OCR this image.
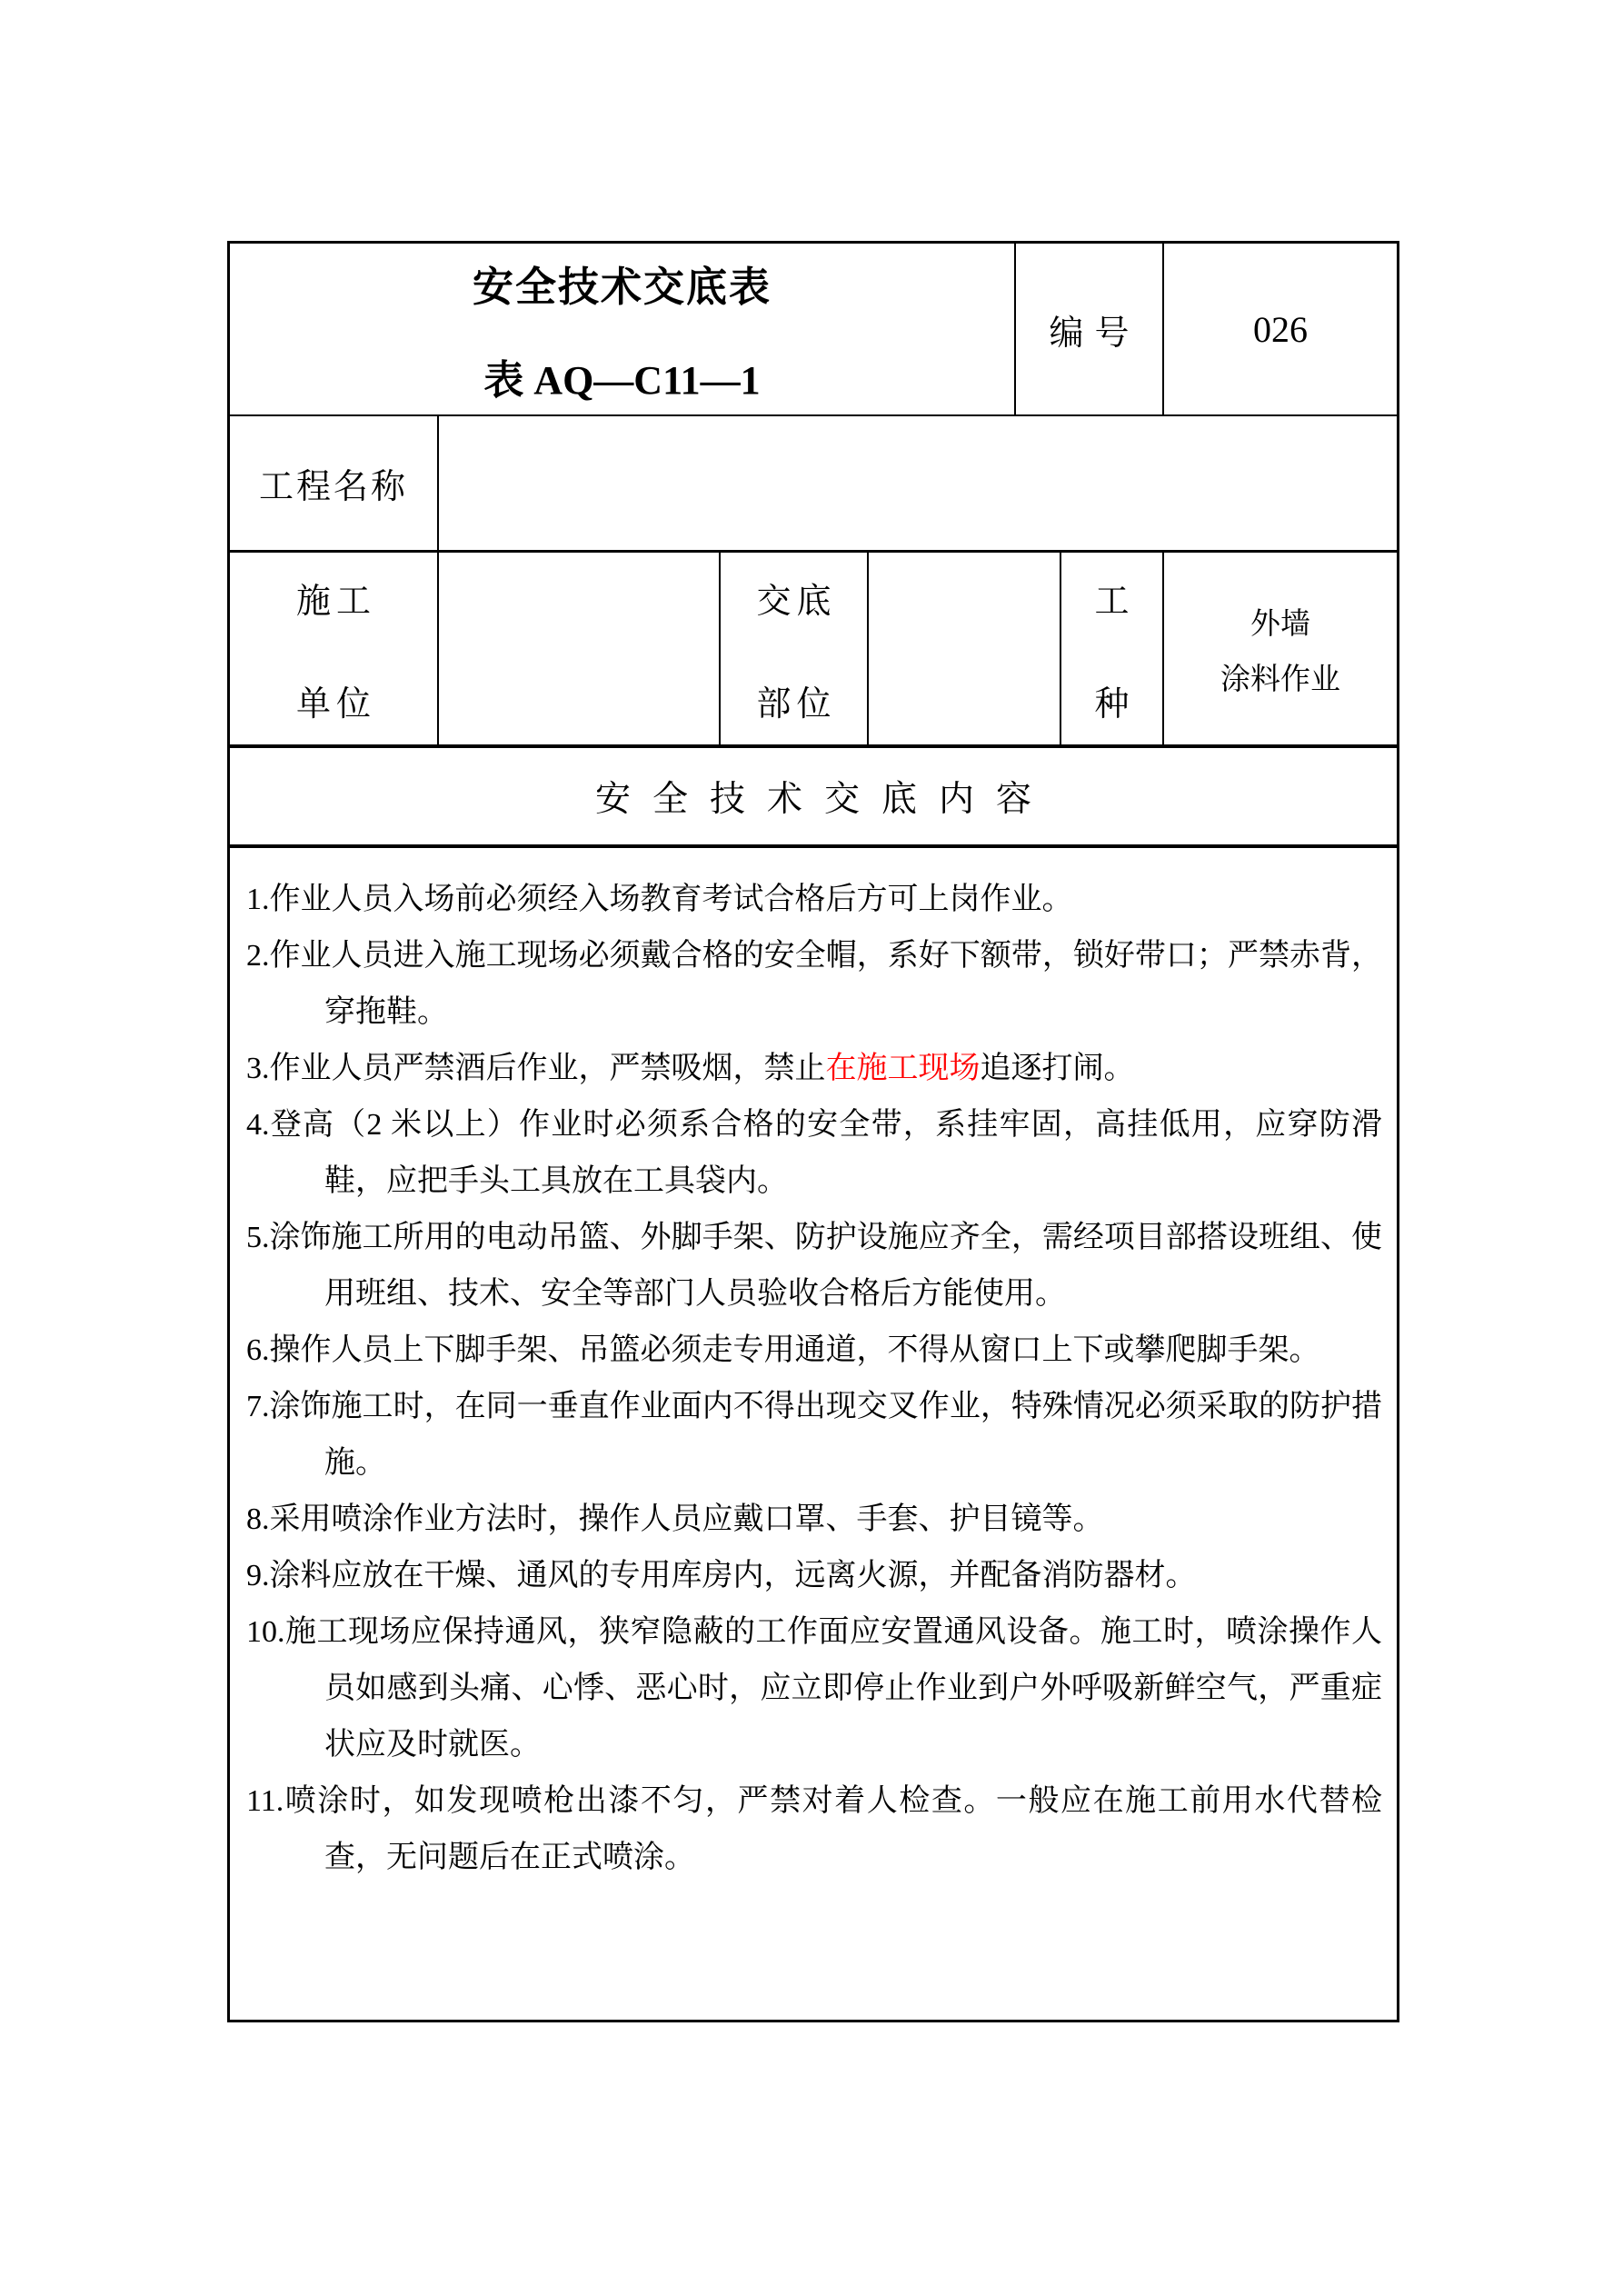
安全技术交底表
表 AQ—C11—1
编号	026
工程名称
施工
单位
交底
部位
工
种
外墙
涂料作业
安全技术交底内容
1.作业人员入场前必须经入场教育考试合格后方可上岗作业。
2.作业人员进入施工现场必须戴合格的安全帽，系好下额带，锁好带口；严禁赤背，穿拖鞋。
3.作业人员严禁酒后作业，严禁吸烟，禁止在施工现场追逐打闹。
4.登高（2 米以上）作业时必须系合格的安全带，系挂牢固，高挂低用，应穿防滑鞋，应把手头工具放在工具袋内。
5.涂饰施工所用的电动吊篮、外脚手架、防护设施应齐全，需经项目部搭设班组、使用班组、技术、安全等部门人员验收合格后方能使用。
6.操作人员上下脚手架、吊篮必须走专用通道，不得从窗口上下或攀爬脚手架。
7.涂饰施工时，在同一垂直作业面内不得出现交叉作业，特殊情况必须采取的防护措施。
8.采用喷涂作业方法时，操作人员应戴口罩、手套、护目镜等。
9.涂料应放在干燥、通风的专用库房内，远离火源，并配备消防器材。
10.施工现场应保持通风，狭窄隐蔽的工作面应安置通风设备。施工时，喷涂操作人员如感到头痛、心悸、恶心时，应立即停止作业到户外呼吸新鲜空气，严重症状应及时就医。
11.喷涂时，如发现喷枪出漆不匀，严禁对着人检查。一般应在施工前用水代替检查，无问题后在正式喷涂。
